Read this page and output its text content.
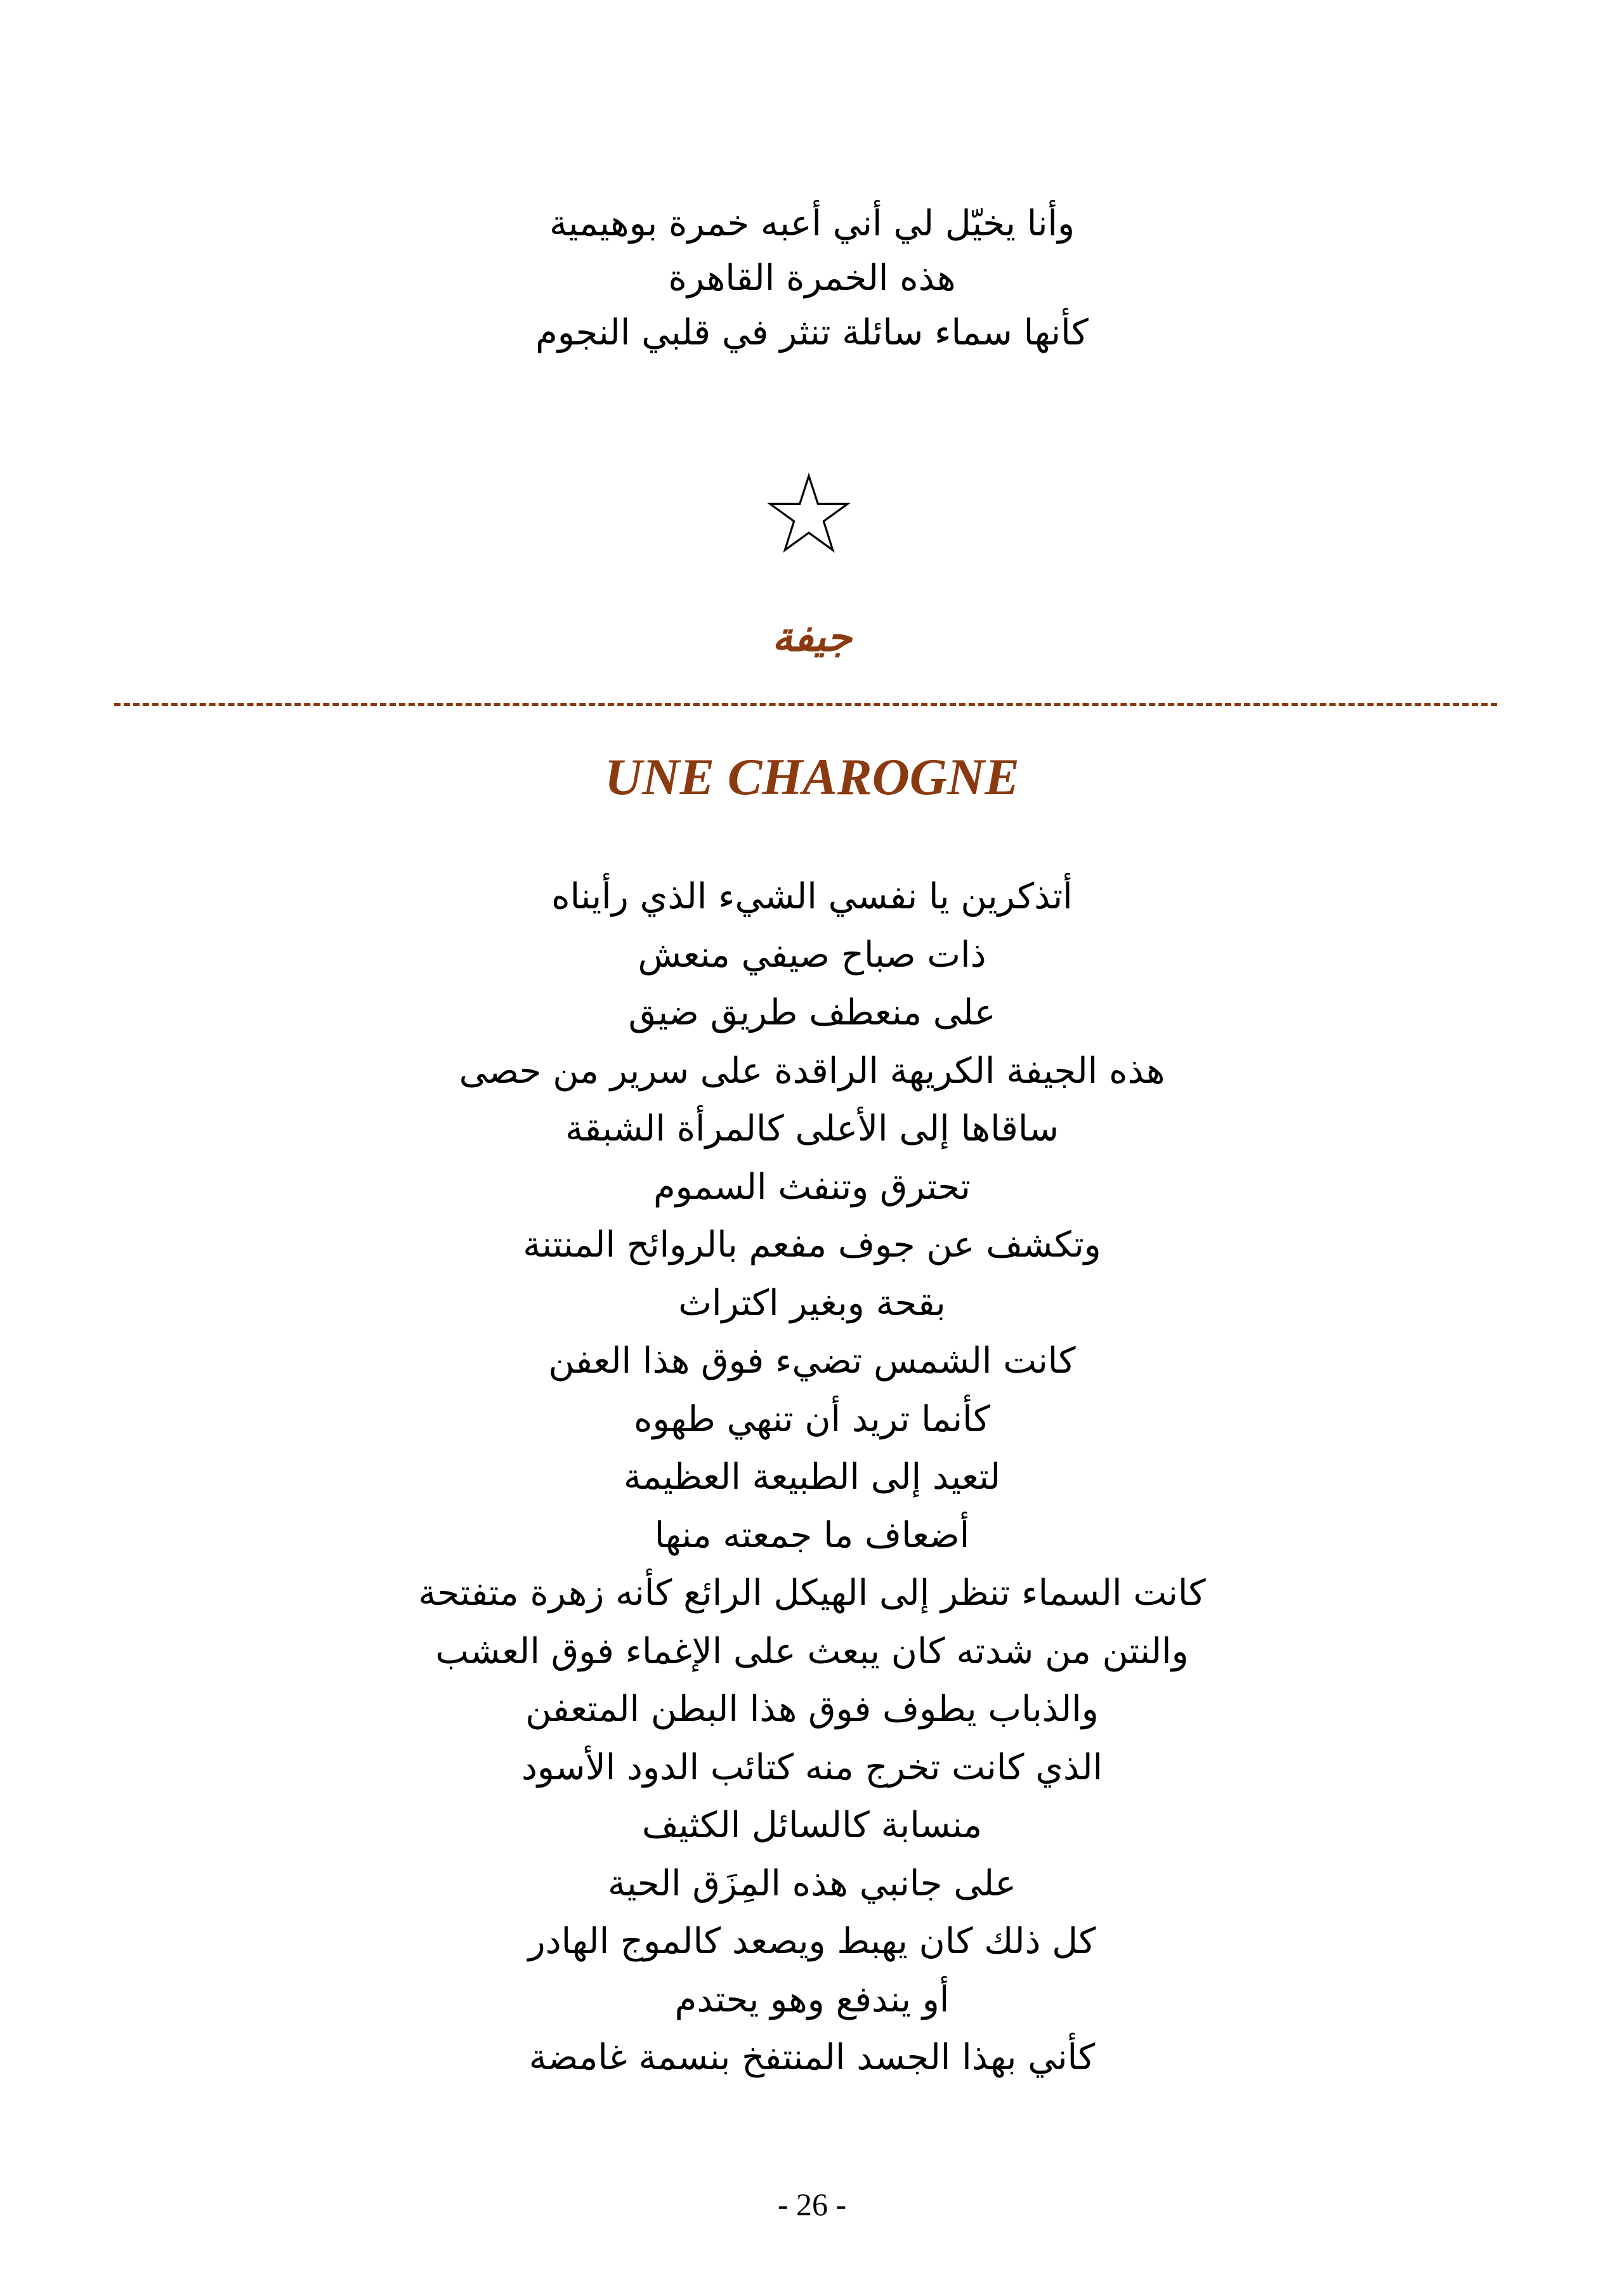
وأنا يخيّل لي أني أعبه خمرة بوهيمية
هذه الخمرة القاهرة
كأنها سماء سائلة تنثر في قلبي النجوم
جيفة
UNE CHAROGNE
أتذكرين يا نفسي الشيء الذي رأيناه
ذات صباح صيفي منعش
على منعطف طريق ضيق
هذه الجيفة الكريهة الراقدة على سرير من حصى
ساقاها إلى الأعلى كالمرأة الشبقة
تحترق وتنفث السموم
وتكشف عن جوف مفعم بالروائح المنتنة
بقحة وبغير اكتراث
كانت الشمس تضيء فوق هذا العفن
كأنما تريد أن تنهي طهوه
لتعيد إلى الطبيعة العظيمة
أضعاف ما جمعته منها
كانت السماء تنظر إلى الهيكل الرائع كأنه زهرة متفتحة
والنتن من شدته كان يبعث على الإغماء فوق العشب
والذباب يطوف فوق هذا البطن المتعفن
الذي كانت تخرج منه كتائب الدود الأسود
منسابة كالسائل الكثيف
على جانبي هذه المِزَق الحية
كل ذلك كان يهبط ويصعد كالموج الهادر
أو يندفع وهو يحتدم
كأني بهذا الجسد المنتفخ بنسمة غامضة
- 26 -
